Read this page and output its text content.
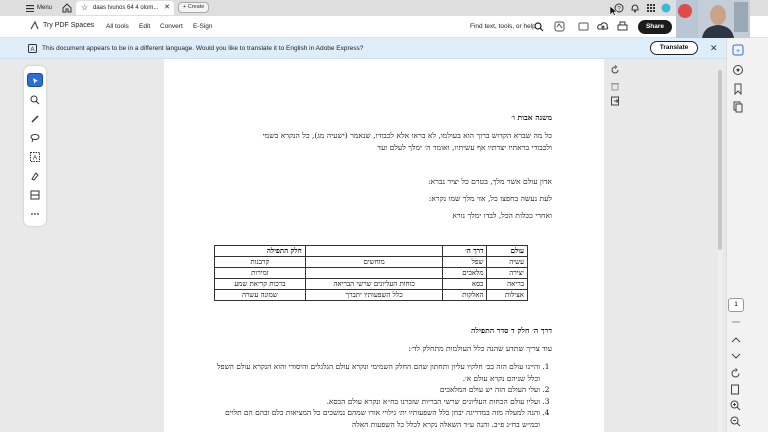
Menu	☆ daas tvunos 64 4 olom... ✕	+ Create	?
Try PDF Spaces All tools Edit Convert E-Sign	Find text, tools, or help	Share
A This document appears to be in a different language. Would you like to translate it to English in Adobe Express?	Translate	✕
A
משנה אבות ו׳
כל מה שברא הקדוש ברוך הוא בעולמו, לא בראו אלא לכבודו, שנאמר (ישעיה מג), כל הנקרא בשמי
ולכבודי בראתיו יצרתיו אף עשיתיו, ואומר ה׳ ימלך לעלם ועד
אדון עולם אשר מלך, בטרם כל יציר נברא:
לעת נעשה בחפצו כל, אזי מלך שמו נקרא:
ואחרי ככלות הכל, לבדו ימלך נורא
עולם	דרך ה׳		חלק התפילה
עשיה	שפל	מוחשים	קרבנות
יצירה	מלאכים		זמירות
בריאה	כסא	כוחות העליונים שרשי הבריאה	ברכות קריאת שמע
אצילות	האלקות	כלל השפעותיו יתברך	שמונה עשרה
דרך ה׳ חלק ד סדר התפילה
עוד צריך שתדע שהנה כלל העולמות מתחלק לד׳:
1. והיינו עולם הזה בב׳ חלקיו עליון ותחתון שהם החלק השמימי ונקרא עולם הגלגלים והיסודי והוא הנקרא עולם השפל וכלל שניהם נקרא עולם א׳.
2. ועלי העולם הזה יש עולם המלאכים
3. ועליו עולם הכחות העליונים שרשי הבריות שזכרנו בח״א ונקרא עולם הכסא.
4. והנה למעלה מזה במדריגה יבחן כלל השפעותיו ית׳ גילויי אורו שמהם נמשכים כל המציאות כלם ובהם הם תלוים וכמ״ש בח״ג פ״ב. והנה ע״ד השאלה נקרא לכלל כל השפעות האלה
+
1
